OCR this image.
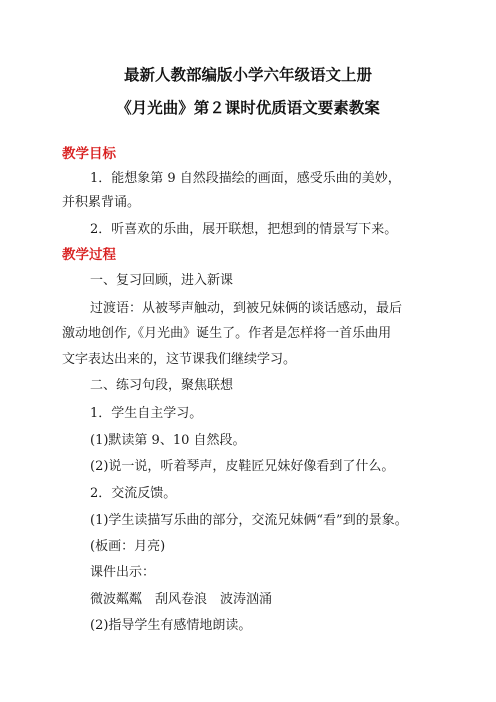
最新人教部编版小学六年级语文上册
《月光曲》第２课时优质语文要素教案
教学目标
1．能想象第 9 自然段描绘的画面，感受乐曲的美妙，
并积累背诵。
2．听喜欢的乐曲，展开联想，把想到的情景写下来。
教学过程
一、复习回顾，进入新课
过渡语：从被琴声触动，到被兄妹俩的谈话感动，最后
激动地创作,《月光曲》诞生了。作者是怎样将一首乐曲用
文字表达出来的，这节课我们继续学习。
二、练习句段，聚焦联想
1．学生自主学习。
(1)默读第 9、10 自然段。
(2)说一说，听着琴声，皮鞋匠兄妹好像看到了什么。
2．交流反馈。
(1)学生读描写乐曲的部分，交流兄妹俩“看”到的景象。
(板画：月亮)
课件出示：
微波粼粼　刮风卷浪　波涛汹涌
(2)指导学生有感情地朗读。
